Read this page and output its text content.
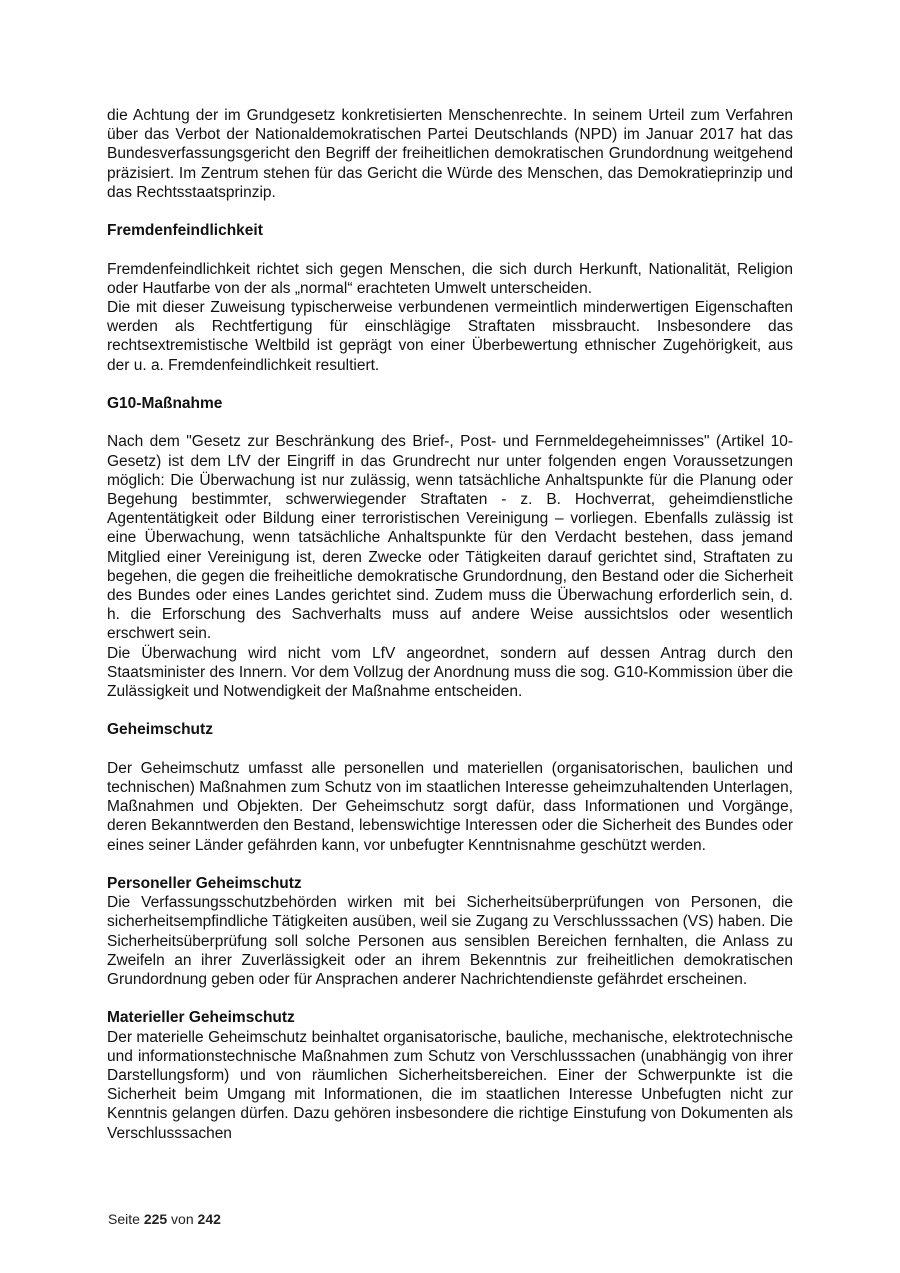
die Achtung der im Grundgesetz konkretisierten Menschenrechte. In seinem Urteil zum Verfahren über das Verbot der Nationaldemokratischen Partei Deutschlands (NPD) im Januar 2017 hat das Bundesverfassungsgericht den Begriff der freiheitlichen demokratischen Grundordnung weitgehend präzisiert. Im Zentrum stehen für das Gericht die Würde des Menschen, das Demokratieprinzip und das Rechtsstaatsprinzip.

Fremdenfeindlichkeit

Fremdenfeindlichkeit richtet sich gegen Menschen, die sich durch Herkunft, Nationalität, Religion oder Hautfarbe von der als „normal“ erachteten Umwelt unterscheiden.

Die mit dieser Zuweisung typischerweise verbundenen vermeintlich minderwertigen Eigenschaften werden als Rechtfertigung für einschlägige Straftaten missbraucht. Insbesondere das rechtsextremistische Weltbild ist geprägt von einer Überbewertung ethnischer Zugehörigkeit, aus der u. a. Fremdenfeindlichkeit resultiert.

G10-Maßnahme

Nach dem "Gesetz zur Beschränkung des Brief-, Post- und Fernmeldegeheimnisses" (Artikel 10-Gesetz) ist dem LfV der Eingriff in das Grundrecht nur unter folgenden engen Voraussetzungen möglich: Die Überwachung ist nur zulässig, wenn tatsächliche Anhaltspunkte für die Planung oder Begehung bestimmter, schwerwiegender Straftaten - z. B. Hochverrat, geheimdienstliche Agententätigkeit oder Bildung einer terroristischen Vereinigung – vorliegen. Ebenfalls zulässig ist eine Überwachung, wenn tatsächliche Anhaltspunkte für den Verdacht bestehen, dass jemand Mitglied einer Vereinigung ist, deren Zwecke oder Tätigkeiten darauf gerichtet sind, Straftaten zu begehen, die gegen die freiheitliche demokratische Grundordnung, den Bestand oder die Sicherheit des Bundes oder eines Landes gerichtet sind. Zudem muss die Überwachung erforderlich sein, d. h. die Erforschung des Sachverhalts muss auf andere Weise aussichtslos oder wesentlich erschwert sein.

Die Überwachung wird nicht vom LfV angeordnet, sondern auf dessen Antrag durch den Staatsminister des Innern. Vor dem Vollzug der Anordnung muss die sog. G10-Kommission über die Zulässigkeit und Notwendigkeit der Maßnahme entscheiden.

Geheimschutz

Der Geheimschutz umfasst alle personellen und materiellen (organisatorischen, baulichen und technischen) Maßnahmen zum Schutz von im staatlichen Interesse geheimzuhaltenden Unterlagen, Maßnahmen und Objekten. Der Geheimschutz sorgt dafür, dass Informationen und Vorgänge, deren Bekanntwerden den Bestand, lebenswichtige Interessen oder die Sicherheit des Bundes oder eines seiner Länder gefährden kann, vor unbefugter Kenntnisnahme geschützt werden.

Personeller Geheimschutz

Die Verfassungsschutzbehörden wirken mit bei Sicherheitsüberprüfungen von Personen, die sicherheitsempfindliche Tätigkeiten ausüben, weil sie Zugang zu Verschlusssachen (VS) haben. Die Sicherheitsüberprüfung soll solche Personen aus sensiblen Bereichen fernhalten, die Anlass zu Zweifeln an ihrer Zuverlässigkeit oder an ihrem Bekenntnis zur freiheitlichen demokratischen Grundordnung geben oder für Ansprachen anderer Nachrichtendienste gefährdet erscheinen.

Materieller Geheimschutz

Der materielle Geheimschutz beinhaltet organisatorische, bauliche, mechanische, elektrotechnische und informationstechnische Maßnahmen zum Schutz von Verschlusssachen (unabhängig von ihrer Darstellungsform) und von räumlichen Sicherheitsbereichen. Einer der Schwerpunkte ist die Sicherheit beim Umgang mit Informationen, die im staatlichen Interesse Unbefugten nicht zur Kenntnis gelangen dürfen. Dazu gehören insbesondere die richtige Einstufung von Dokumenten als Verschlusssachen

Seite 225 von 242
